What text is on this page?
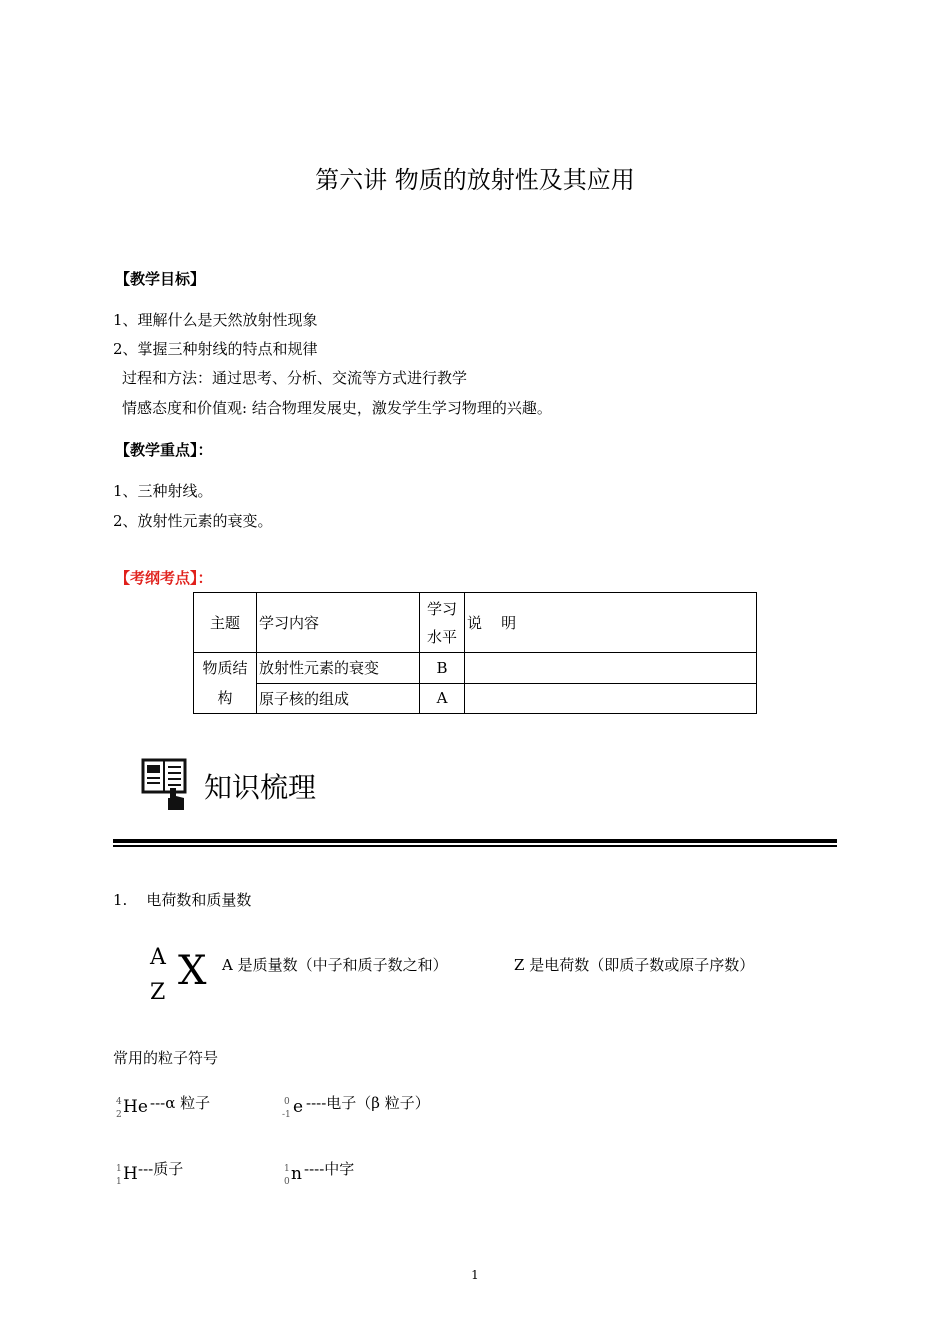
第六讲 物质的放射性及其应用
【教学目标】
1、理解什么是天然放射性现象
2、掌握三种射线的特点和规律
过程和方法：通过思考、分析、交流等方式进行教学
情感态度和价值观: 结合物理发展史，激发学生学习物理的兴趣。
【教学重点】：
1、三种射线。
2、放射性元素的衰变。
【考纲考点】：
主题	学习内容	学习水平	说    明
物质结构	放射性元素的衰变	B	
	原子核的组成	A	
知识梳理
1.    电荷数和质量数
A
Z X A 是质量数（中子和质子数之和）	Z 是电荷数（即质子数或原子序数）
常用的粒子符号
4
2 He ---α 粒子	0
-1 e ----电子（β 粒子）
1
1 H ---质子	1
0 n ----中字
1
